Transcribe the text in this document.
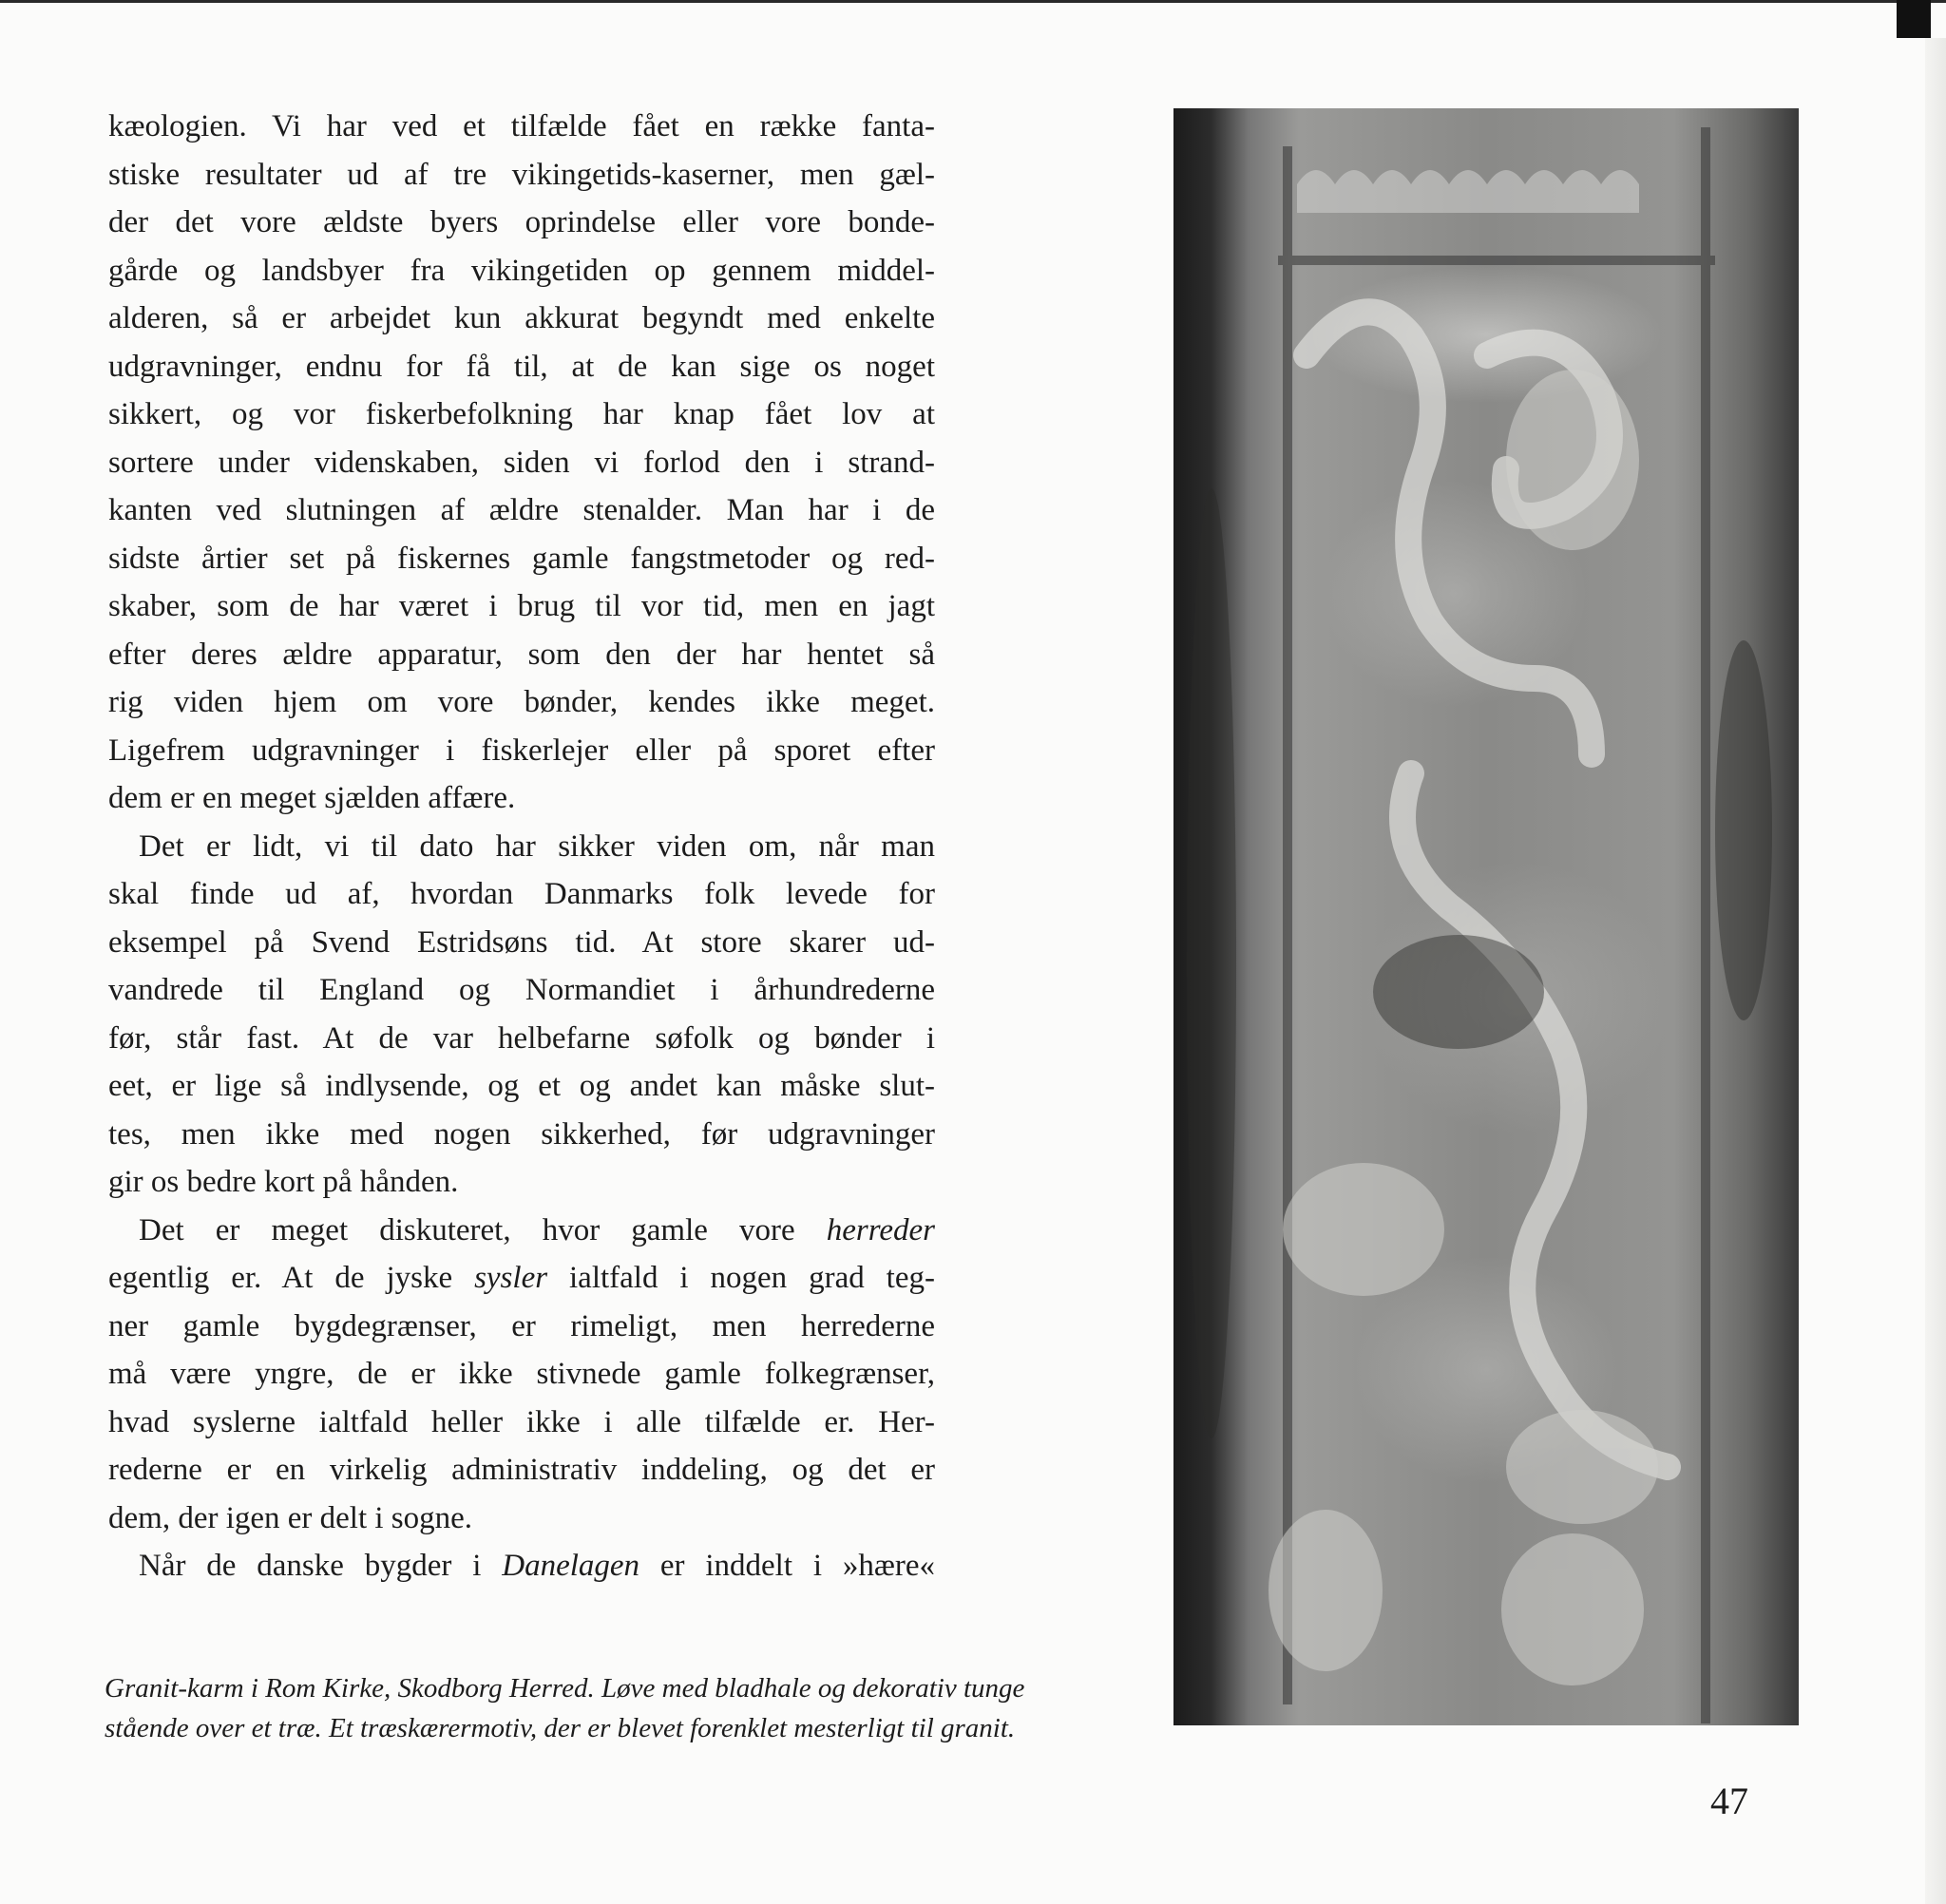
kæologien. Vi har ved et tilfælde fået en række fanta-
stiske resultater ud af tre vikingetids-kaserner, men gæl-
der det vore ældste byers oprindelse eller vore bonde-
gårde og landsbyer fra vikingetiden op gennem middel-
alderen, så er arbejdet kun akkurat begyndt med enkelte
udgravninger, endnu for få til, at de kan sige os noget
sikkert, og vor fiskerbefolkning har knap fået lov at
sortere under videnskaben, siden vi forlod den i strand-
kanten ved slutningen af ældre stenalder. Man har i de
sidste årtier set på fiskernes gamle fangstmetoder og red-
skaber, som de har været i brug til vor tid, men en jagt
efter deres ældre apparatur, som den der har hentet så
rig viden hjem om vore bønder, kendes ikke meget.
Ligefrem udgravninger i fiskerlejer eller på sporet efter
dem er en meget sjælden affære.
Det er lidt, vi til dato har sikker viden om, når man
skal finde ud af, hvordan Danmarks folk levede for
eksempel på Svend Estridsøns tid. At store skarer ud-
vandrede til England og Normandiet i århundrederne
før, står fast. At de var helbefarne søfolk og bønder i
eet, er lige så indlysende, og et og andet kan måske slut-
tes, men ikke med nogen sikkerhed, før udgravninger
gir os bedre kort på hånden.
Det er meget diskuteret, hvor gamle vore herreder
egentlig er. At de jyske sysler ialtfald i nogen grad teg-
ner gamle bygdegrænser, er rimeligt, men herrederne
må være yngre, de er ikke stivnede gamle folkegrænser,
hvad syslerne ialtfald heller ikke i alle tilfælde er. Her-
rederne er en virkelig administrativ inddeling, og det er
dem, der igen er delt i sogne.
Når de danske bygder i Danelagen er inddelt i »hære«
Granit-karm i Rom Kirke, Skodborg Herred. Løve med bladhale og dekorativ tunge
stående over et træ. Et træskærermotiv, der er blevet forenklet mesterligt til granit.
47
